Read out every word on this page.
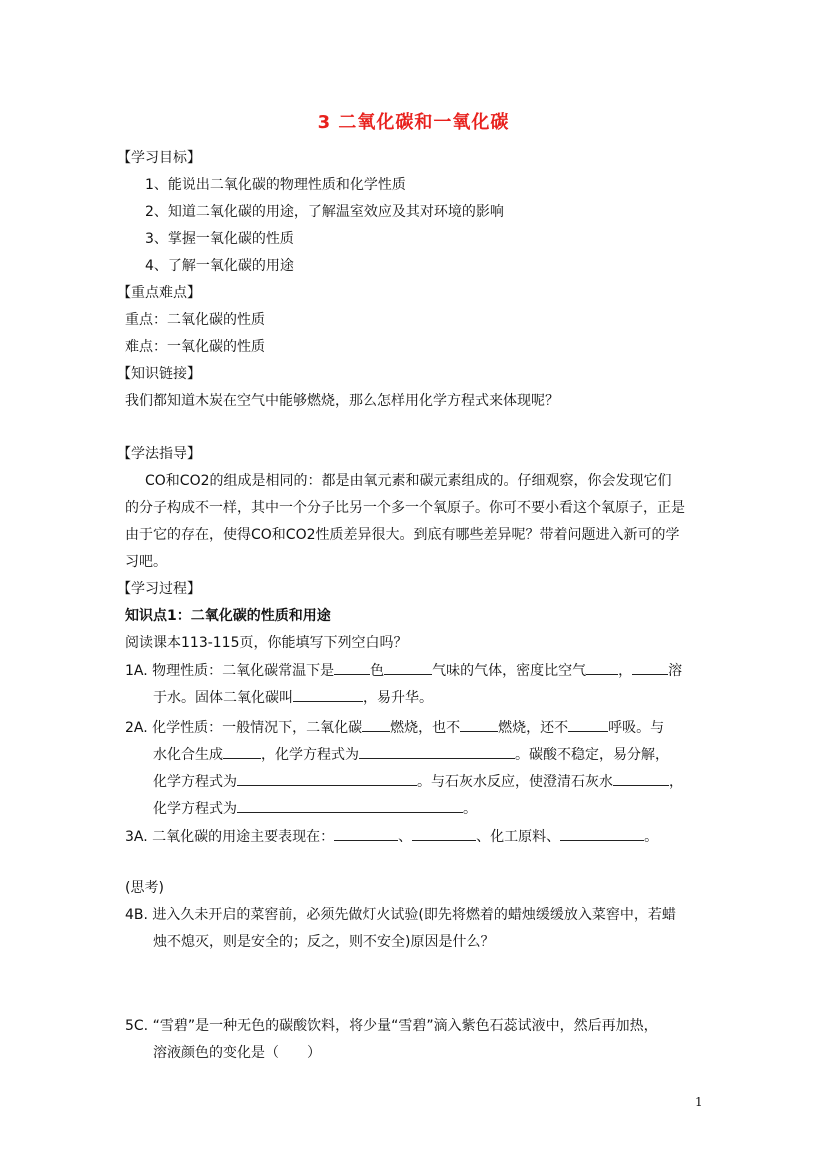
3 二氧化碳和一氧化碳
【学习目标】
1、能说出二氧化碳的物理性质和化学性质
2、知道二氧化碳的用途，了解温室效应及其对环境的影响
3、掌握一氧化碳的性质
4、了解一氧化碳的用途
【重点难点】
重点：二氧化碳的性质
难点：一氧化碳的性质
【知识链接】
我们都知道木炭在空气中能够燃烧，那么怎样用化学方程式来体现呢？
【学法指导】
CO和CO2的组成是相同的：都是由氧元素和碳元素组成的。仔细观察，你会发现它们
的分子构成不一样，其中一个分子比另一个多一个氧原子。你可不要小看这个氧原子，正是
由于它的存在，使得CO和CO2性质差异很大。到底有哪些差异呢？带着问题进入新可的学
习吧。
【学习过程】
知识点1：二氧化碳的性质和用途
阅读课本113-115页，你能填写下列空白吗？
1A. 物理性质：二氧化碳常温下是	色	气味的气体，密度比空气 ，	溶
于水。固体二氧化碳叫	，易升华。
2A. 化学性质：一般情况下，二氧化碳 燃烧，也不	燃烧，还不	呼吸。与
水化合生成	，化学方程式为	。碳酸不稳定，易分解，
化学方程式为	。与石灰水反应，使澄清石灰水	，
化学方程式为	。
3A. 二氧化碳的用途主要表现在：	、	、化工原料、	。
(思考)
4B. 进入久未开启的菜窖前，必须先做灯火试验(即先将燃着的蜡烛缓缓放入菜窖中，若蜡
烛不熄灭，则是安全的；反之，则不安全)原因是什么？
5C. “雪碧”是一种无色的碳酸饮料，将少量“雪碧”滴入紫色石蕊试液中，然后再加热，
溶液颜色的变化是（　　）
1
